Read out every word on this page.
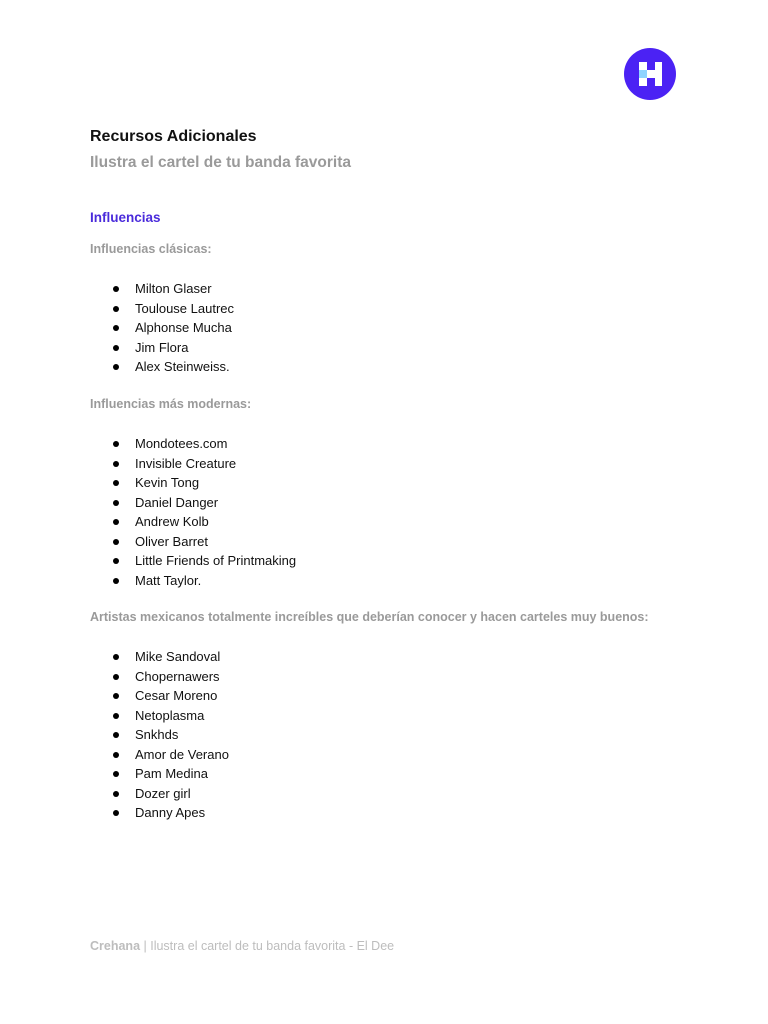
Recursos Adicionales
Ilustra el cartel de tu banda favorita
Influencias
Influencias clásicas:
Milton Glaser
Toulouse Lautrec
Alphonse Mucha
Jim Flora
Alex Steinweiss.
Influencias más modernas:
Mondotees.com
Invisible Creature
Kevin Tong
Daniel Danger
Andrew Kolb
Oliver Barret
Little Friends of Printmaking
Matt Taylor.
Artistas mexicanos totalmente increíbles que deberían conocer y hacen carteles muy buenos:
Mike Sandoval
Chopernawers
Cesar Moreno
Netoplasma
Snkhds
Amor de Verano
Pam Medina
Dozer girl
Danny Apes
Crehana | Ilustra el cartel de tu banda favorita - El Dee
